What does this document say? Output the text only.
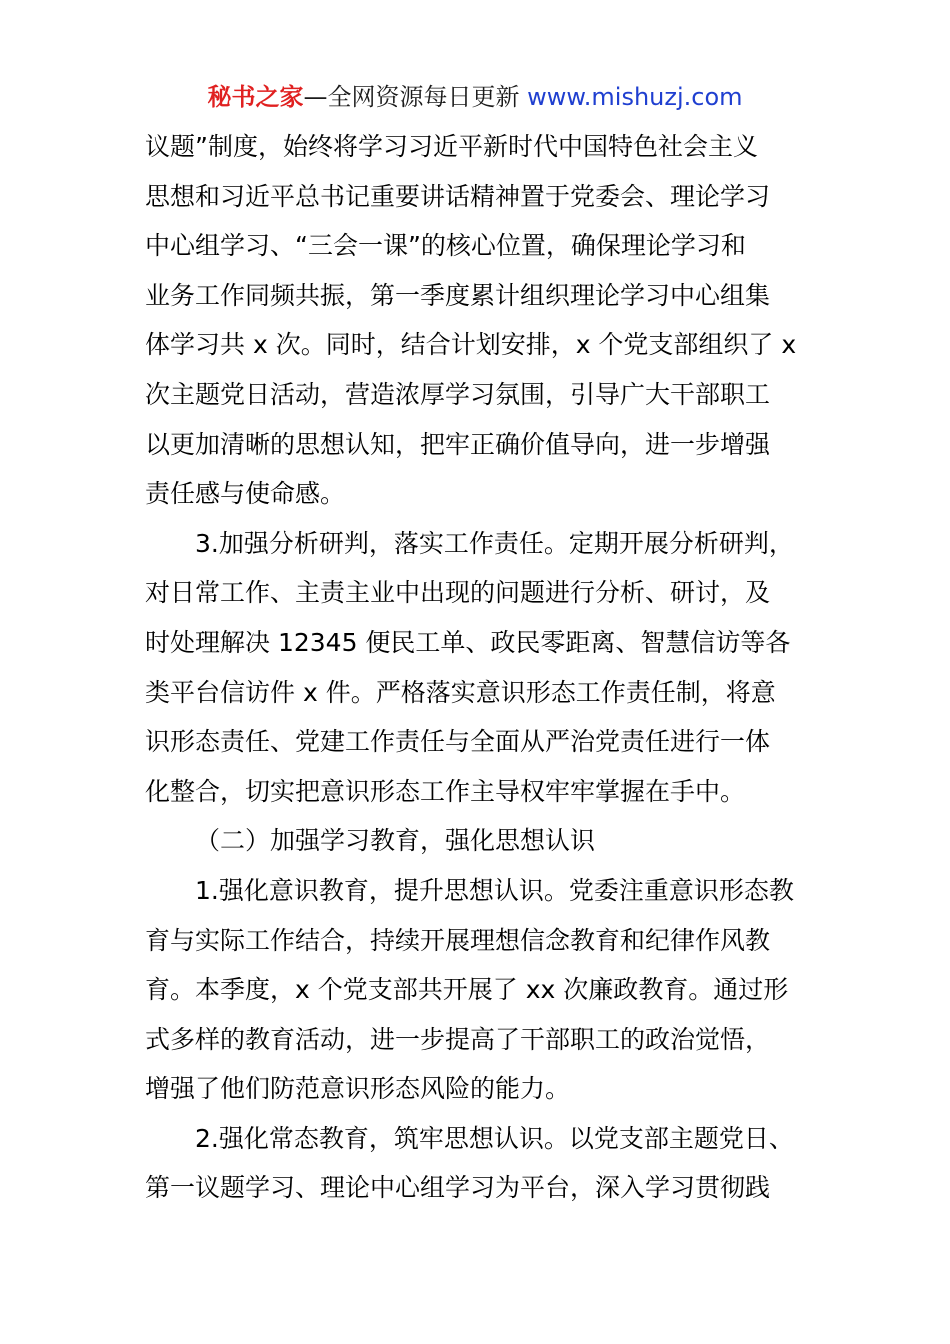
秘书之家—全网资源每日更新 www.mishuzj.com
议题”制度，始终将学习习近平新时代中国特色社会主义
思想和习近平总书记重要讲话精神置于党委会、理论学习
中心组学习、“三会一课”的核心位置，确保理论学习和
业务工作同频共振，第一季度累计组织理论学习中心组集
体学习共 x 次。同时，结合计划安排，x 个党支部组织了 x
次主题党日活动，营造浓厚学习氛围，引导广大干部职工
以更加清晰的思想认知，把牢正确价值导向，进一步增强
责任感与使命感。
3.加强分析研判，落实工作责任。定期开展分析研判，
对日常工作、主责主业中出现的问题进行分析、研讨，及
时处理解决 12345 便民工单、政民零距离、智慧信访等各
类平台信访件 x 件。严格落实意识形态工作责任制，将意
识形态责任、党建工作责任与全面从严治党责任进行一体
化整合，切实把意识形态工作主导权牢牢掌握在手中。
（二）加强学习教育，强化思想认识
1.强化意识教育，提升思想认识。党委注重意识形态教
育与实际工作结合，持续开展理想信念教育和纪律作风教
育。本季度，x 个党支部共开展了 xx 次廉政教育。通过形
式多样的教育活动，进一步提高了干部职工的政治觉悟，
增强了他们防范意识形态风险的能力。
2.强化常态教育，筑牢思想认识。以党支部主题党日、
第一议题学习、理论中心组学习为平台，深入学习贯彻践
